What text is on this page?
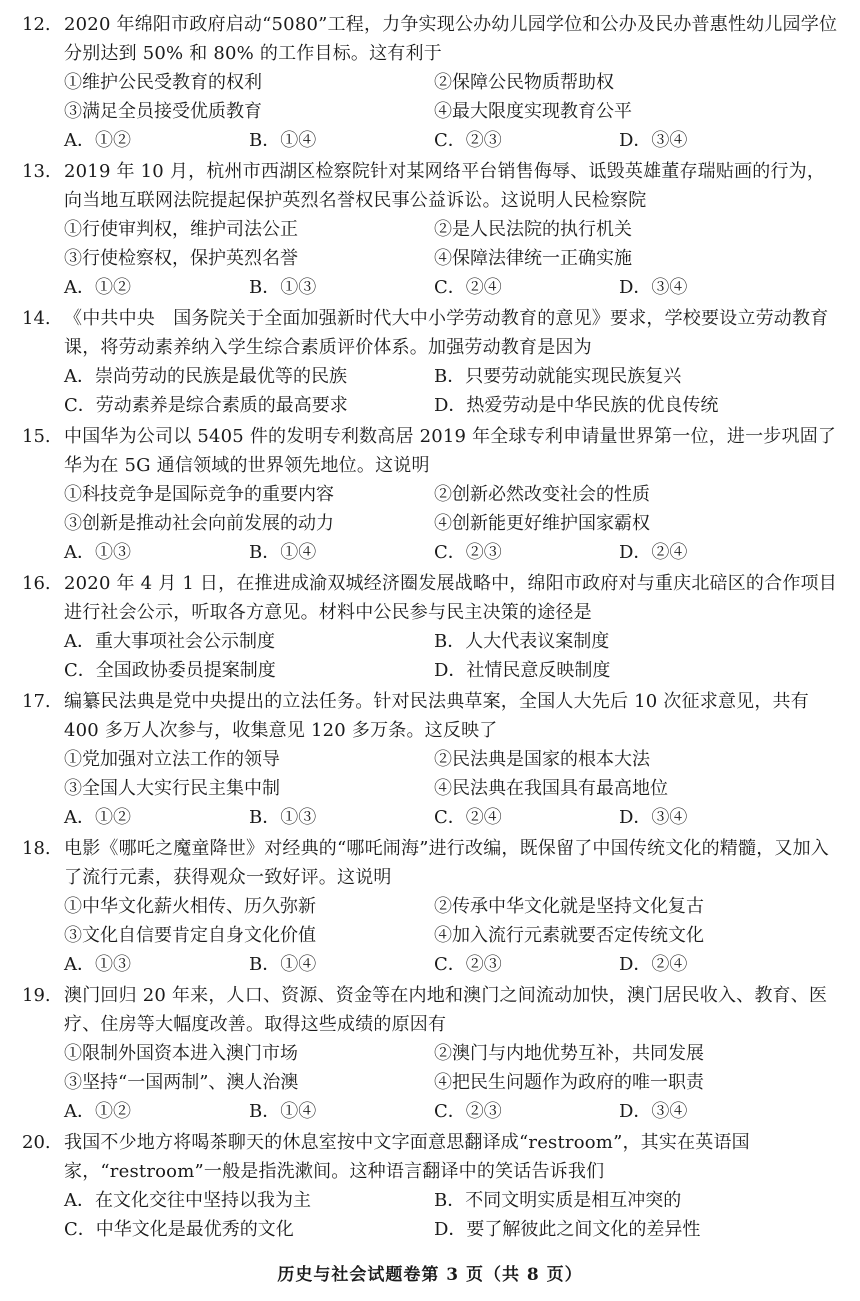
12. 2020 年绵阳市政府启动“5080”工程，力争实现公办幼儿园学位和公办及民办普惠性幼儿园学位分别达到 50% 和 80% 的工作目标。这有利于
①维护公民受教育的权利	②保障公民物质帮助权
③满足全员接受优质教育	④最大限度实现教育公平
A．①②	B．①④	C．②③	D．③④
13. 2019 年 10 月，杭州市西湖区检察院针对某网络平台销售侮辱、诋毁英雄董存瑞贴画的行为，向当地互联网法院提起保护英烈名誉权民事公益诉讼。这说明人民检察院
①行使审判权，维护司法公正	②是人民法院的执行机关
③行使检察权，保护英烈名誉	④保障法律统一正确实施
A．①②	B．①③	C．②④	D．③④
14. 《中共中央　国务院关于全面加强新时代大中小学劳动教育的意见》要求，学校要设立劳动教育课，将劳动素养纳入学生综合素质评价体系。加强劳动教育是因为
A．崇尚劳动的民族是最优等的民族	B．只要劳动就能实现民族复兴
C．劳动素养是综合素质的最高要求	D．热爱劳动是中华民族的优良传统
15. 中国华为公司以 5405 件的发明专利数高居 2019 年全球专利申请量世界第一位，进一步巩固了华为在 5G 通信领域的世界领先地位。这说明
①科技竞争是国际竞争的重要内容	②创新必然改变社会的性质
③创新是推动社会向前发展的动力	④创新能更好维护国家霸权
A．①③	B．①④	C．②③	D．②④
16. 2020 年 4 月 1 日，在推进成渝双城经济圈发展战略中，绵阳市政府对与重庆北碚区的合作项目进行社会公示，听取各方意见。材料中公民参与民主决策的途径是
A．重大事项社会公示制度	B．人大代表议案制度
C．全国政协委员提案制度	D．社情民意反映制度
17. 编纂民法典是党中央提出的立法任务。针对民法典草案，全国人大先后 10 次征求意见，共有 400 多万人次参与，收集意见 120 多万条。这反映了
①党加强对立法工作的领导	②民法典是国家的根本大法
③全国人大实行民主集中制	④民法典在我国具有最高地位
A．①②	B．①③	C．②④	D．③④
18. 电影《哪吒之魔童降世》对经典的“哪吒闹海”进行改编，既保留了中国传统文化的精髓，又加入了流行元素，获得观众一致好评。这说明
①中华文化薪火相传、历久弥新	②传承中华文化就是坚持文化复古
③文化自信要肯定自身文化价值	④加入流行元素就要否定传统文化
A．①③	B．①④	C．②③	D．②④
19. 澳门回归 20 年来，人口、资源、资金等在内地和澳门之间流动加快，澳门居民收入、教育、医疗、住房等大幅度改善。取得这些成绩的原因有
①限制外国资本进入澳门市场	②澳门与内地优势互补，共同发展
③坚持“一国两制”、澳人治澳	④把民生问题作为政府的唯一职责
A．①②	B．①④	C．②③	D．③④
20. 我国不少地方将喝茶聊天的休息室按中文字面意思翻译成“restroom”，其实在英语国家，“restroom”一般是指洗漱间。这种语言翻译中的笑话告诉我们
A．在文化交往中坚持以我为主	B．不同文明实质是相互冲突的
C．中华文化是最优秀的文化	D．要了解彼此之间文化的差异性
历史与社会试题卷第 3 页（共 8 页）
